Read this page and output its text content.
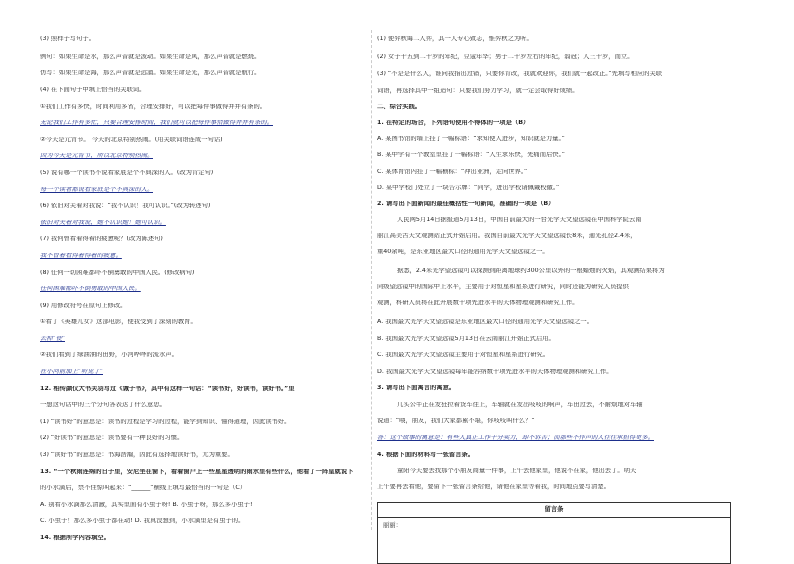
(3) 照样子写句子。
例句：如果生命是水，那么声音就是波动。如果生命是风，那么声音就是燃烧。
仿写：如果生命是海，那么声音就是远涌。如果生命是光，那么声音就是航行。
(4) 在下面句子中填上恰当的关联词。
①我们工作有多快，时间利用多省，合理安排好，可以把每件事做得井井有条的。
无论我们工作有多忙，只要合理安排时间，我们就可以把每件事情做得井井有条的。
②今天是元宵节。 今天的北京特别热闹。(用关联词语连成一句话)
因为今天是元宵节，所以北京特别热闹。
(5) 说有哪一个读书不说看家底是个不典深的人。(改为肯定句)
每一个读者都说看家底是个不典深的人。
(6) 依旧对关着对我说：“我不认识！我可认识。”(改为转述句)
依旧对关着对我说，她不认识她！她可认识。
(7) 我何曾看着得着的疲惫呢？(改为陈述句)
我不曾着看得着得着的疲惫。
(8) 任何一切困难都吓不倒勇敢的中国人民。(修改病句)
任何困难都吓不倒勇敢的中国人民。
(9) 用修改符号在原句上修改。
①看了《英雄儿女》这部电影，使我受到了深刻的教育。
去掉“使”
②我们看到了绿油油的田野，小河哗哗的流水声。
在小河前加上“听见了”
12. 相传颜仪大书关羽写过《诫子书》，其中有这样一句话：“读书好，好读书，读好书。”里
一想这句话中的三个分句各表达了什么意思。
(1) “读书好”的意思是：读书的过程是学习的过程，能学到知识、懂得道理，因此读书好。
(2) “好读书”的意思是：读书要有一种良好的习惯。
(3) “读好书”的意思是：书海浩瀚，因此有选择地读好书，尤为重要。
13. “一个秋雨连绵的日子里，安尼坐在窗下，看着窗户上一些星星透明的雨水里有些什么，他看了一阵皇就说下
的小水滴后，禁不住惊叫起来：“______”横线上填写最恰当的一句是（C）
A. 别看小水滴那么清澈，其实里面有小虫子呀! B. 小虫子呀，那么多小虫子!
C. 小虫子！那么多小虫子都在动! D. 我真没想到，小水滴里是有虫子的。
14. 根据所学内容填空。
(1) 使弈秋诲二人弈，其一人专心致志，惟弈秋之为听。
(2) 女子十五到二十岁的年纪，豆蔻年华；男子二十岁左右的年纪，弱冠；人三十岁，而立。
(3) “不是是什么人，谁向我指出过错，只要你肯改，我就欢迎你，我们就一起改正。”先填写相应的关联
词语，再选择其中一组造句：只要我们努力学习，就一定会取得好成绩。
二、综合实践。
1. 在特定的场合，下列语句使用不得体的一项是（B）
A. 某图书馆的墙上挂了一幅标语：“求知使人进步，知识就是力量。”
B. 某中学有一个教室里挂了一幅标语：“人生求乐快，先痛而后快。”
C. 某体育馆内挂了一幅横标：“冲出亚洲，走向世界。”
D. 某中学校门处立了一块告示牌：“同学，进出学校请佩戴校徽。”
2. 请写出下面新闻的最佳概括性一句新闻，准确的一项是（B）
人民网5月14日据报道5月13日，中国目前最大的一台光学天文望远镜在中国科学院云南
丽江高美古天文观测站正式开始启用。我国目前最大光学天文望远镜长8米，通光孔径2.4米，
重40余吨，是东亚地区最大口径的通用光学天文望远镜之一。
据悉，2.4米光学望远镜可以探测到距离地球约300公里以外的一根蜡烛的火焰，其观测结果将为
同级望远镜中的国际中上水平，主要用于对恒星和星系进行研究，同时还能为研究人员提供
观测，科研人员将在此开展数十项先进水平的天体物理观测和研究工作。
A. 我国最大光学天文望远镜是东亚地区最大口径的通用光学天文望远镜之一。
B. 我国最大光学天文望远镜5月13日在云南丽江开始正式启用。
C. 我国最大光学天文望远镜主要用于对恒星和星系进行研究。
D. 我国最大光学天文望远镜每年能容纳数十项先进水平的天体物理观测和研究工作。
3. 请写出下面寓言的寓意。
几头公牛正在发狂拉着货车往上，车轴就在发出吱吱的响声，车田过去，不耐烦地对车轴
说道：“喂，朋友，我们大家都累不堪，你吱吱叫什么？”
答：这个故事的寓意是：有些人真正工作十分卖力，却不诉苦；而那些不作声的人往往承担得更多。
4. 根据下面的材料写一张留言条。
童阳今天要去找那个小朋友商量一件事，上午去他家里，他说不在家，他出去了。明天
上午要再去看他，要留下一张留言条给他，请他在家里等着我，时间地点要写清楚。
留言条
丽丽：
